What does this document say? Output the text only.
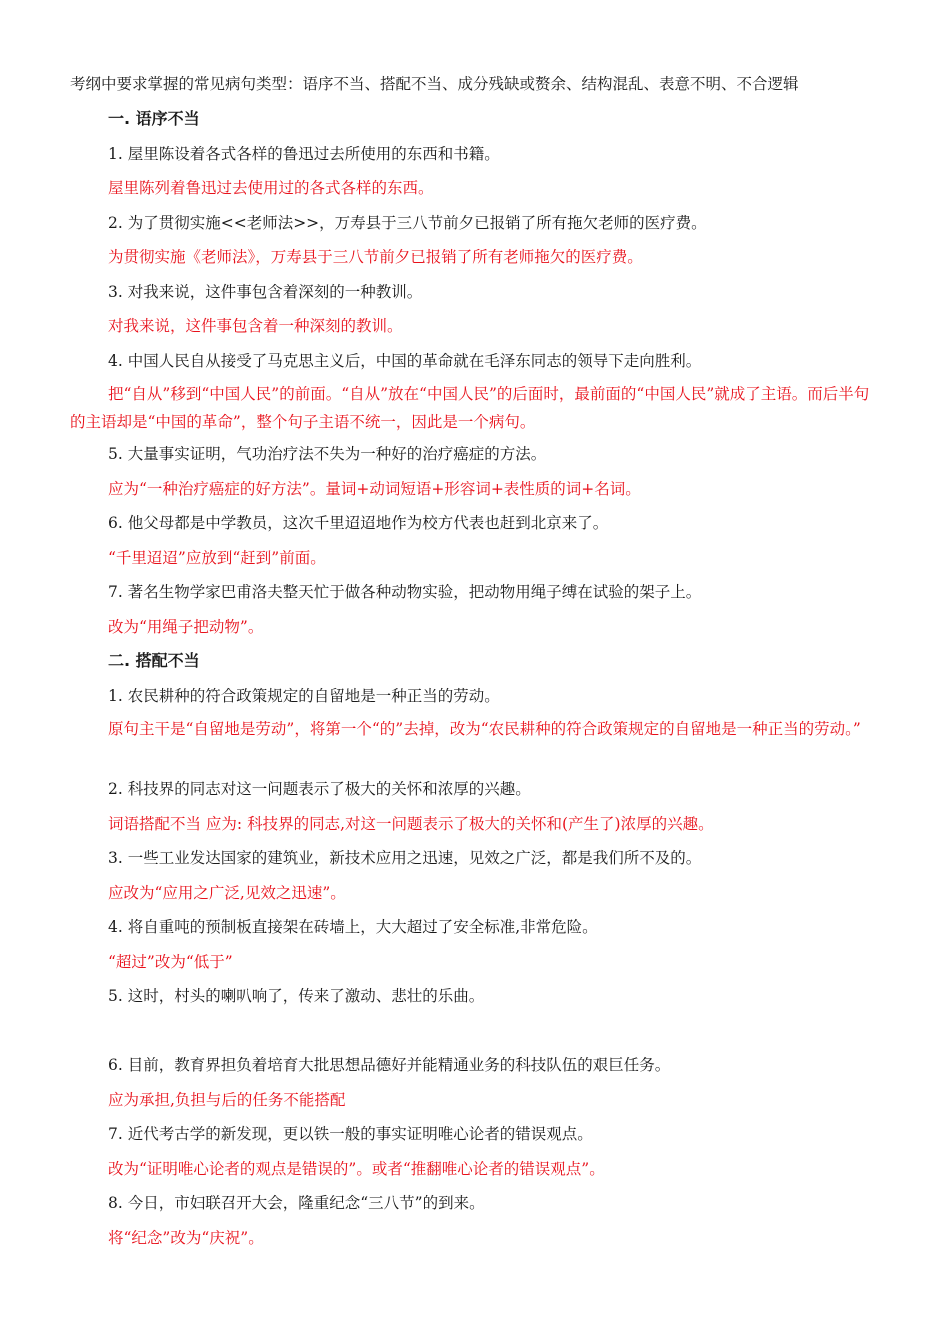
考纲中要求掌握的常见病句类型：语序不当、搭配不当、成分残缺或赘余、结构混乱、表意不明、不合逻辑
一. 语序不当
1. 屋里陈设着各式各样的鲁迅过去所使用的东西和书籍。
屋里陈列着鲁迅过去使用过的各式各样的东西。
2. 为了贯彻实施<<老师法>>，万寿县于三八节前夕已报销了所有拖欠老师的医疗费。
为贯彻实施《老师法》，万寿县于三八节前夕已报销了所有老师拖欠的医疗费。
3. 对我来说，这件事包含着深刻的一种教训。
对我来说，这件事包含着一种深刻的教训。
4. 中国人民自从接受了马克思主义后，中国的革命就在毛泽东同志的领导下走向胜利。
把“自从”移到“中国人民”的前面。“自从”放在“中国人民”的后面时，最前面的“中国人民”就成了主语。而后半句的主语却是“中国的革命”，整个句子主语不统一，因此是一个病句。
5. 大量事实证明，气功治疗法不失为一种好的治疗癌症的方法。
应为“一种治疗癌症的好方法”。量词+动词短语+形容词+表性质的词+名词。
6. 他父母都是中学教员，这次千里迢迢地作为校方代表也赶到北京来了。
“千里迢迢”应放到“赶到”前面。
7. 著名生物学家巴甫洛夫整天忙于做各种动物实验，把动物用绳子缚在试验的架子上。
改为“用绳子把动物”。
二. 搭配不当
1. 农民耕种的符合政策规定的自留地是一种正当的劳动。
原句主干是“自留地是劳动”，将第一个“的”去掉，改为“农民耕种的符合政策规定的自留地是一种正当的劳动。”
2. 科技界的同志对这一问题表示了极大的关怀和浓厚的兴趣。
词语搭配不当 应为: 科技界的同志,对这一问题表示了极大的关怀和(产生了)浓厚的兴趣。
3. 一些工业发达国家的建筑业，新技术应用之迅速，见效之广泛，都是我们所不及的。
应改为“应用之广泛,见效之迅速”。
4. 将自重吨的预制板直接架在砖墙上，大大超过了安全标准,非常危险。
“超过”改为“低于”
5. 这时，村头的喇叭响了，传来了激动、悲壮的乐曲。
6. 目前，教育界担负着培育大批思想品德好并能精通业务的科技队伍的艰巨任务。
应为承担,负担与后的任务不能搭配
7. 近代考古学的新发现，更以铁一般的事实证明唯心论者的错误观点。
改为“证明唯心论者的观点是错误的”。或者“推翻唯心论者的错误观点”。
8. 今日，市妇联召开大会，隆重纪念“三八节”的到来。
将“纪念”改为“庆祝”。
